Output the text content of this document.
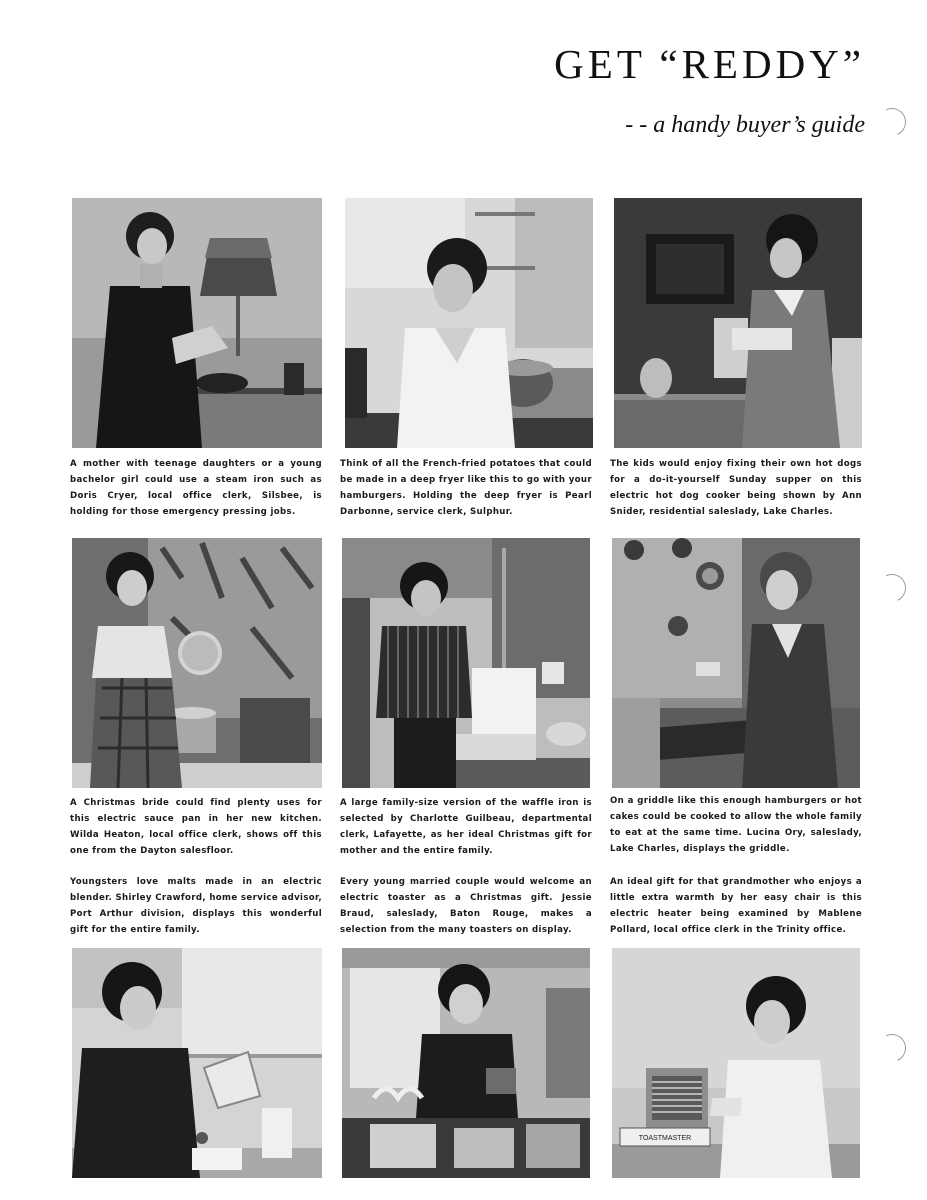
GET “REDDY”
- - a handy buyer’s guide

A mother with teenage daughters or a young bachelor girl could use a steam iron such as Doris Cryer, local office clerk, Silsbee, is holding for those emergency pressing jobs.

Think of all the French-fried potatoes that could be made in a deep fryer like this to go with your hamburgers. Holding the deep fryer is Pearl Darbonne, service clerk, Sulphur.

The kids would enjoy fixing their own hot dogs for a do-it-yourself Sunday supper on this electric hot dog cooker being shown by Ann Snider, residential saleslady, Lake Charles.

A Christmas bride could find plenty uses for this electric sauce pan in her new kitchen. Wilda Heaton, local office clerk, shows off this one from the Dayton salesfloor.

A large family-size version of the waffle iron is selected by Charlotte Guilbeau, departmental clerk, Lafayette, as her ideal Christmas gift for mother and the entire family.

On a griddle like this enough hamburgers or hot cakes could be cooked to allow the whole family to eat at the same time. Lucina Ory, saleslady, Lake Charles, displays the griddle.

Youngsters love malts made in an electric blender. Shirley Crawford, home service advisor, Port Arthur division, displays this wonderful gift for the entire family.

Every young married couple would welcome an electric toaster as a Christmas gift. Jessie Braud, saleslady, Baton Rouge, makes a selection from the many toasters on display.

An ideal gift for that grandmother who enjoys a little extra warmth by her easy chair is this electric heater being examined by Mablene Pollard, local office clerk in the Trinity office.

TOASTMASTER
